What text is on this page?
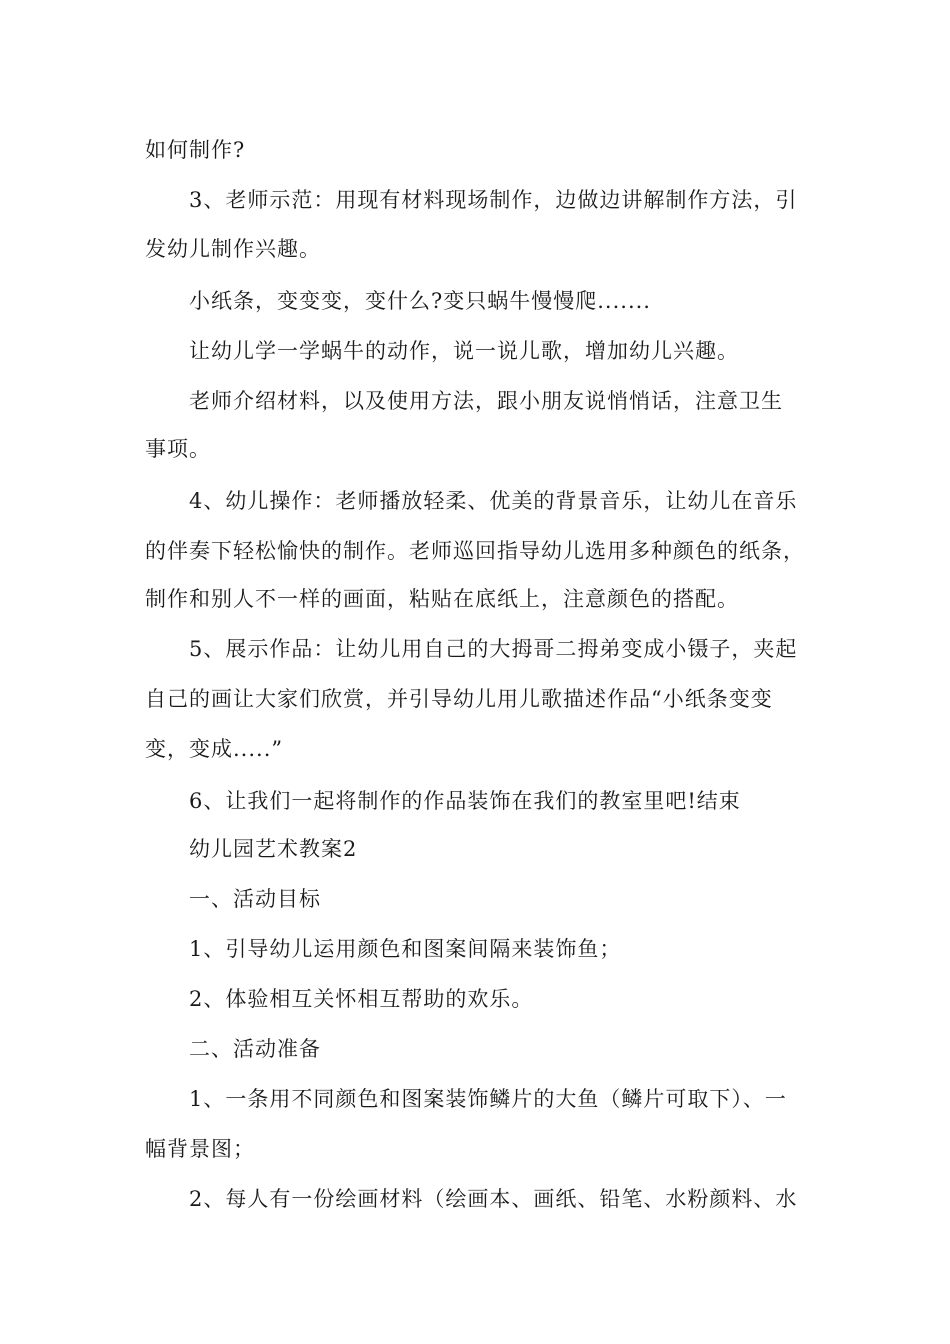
如何制作?
3、老师示范：用现有材料现场制作，边做边讲解制作方法，引
发幼儿制作兴趣。
小纸条，变变变，变什么?变只蜗牛慢慢爬.......
让幼儿学一学蜗牛的动作，说一说儿歌，增加幼儿兴趣。
老师介绍材料，以及使用方法，跟小朋友说悄悄话，注意卫生
事项。
4、幼儿操作：老师播放轻柔、优美的背景音乐，让幼儿在音乐
的伴奏下轻松愉快的制作。老师巡回指导幼儿选用多种颜色的纸条，
制作和别人不一样的画面，粘贴在底纸上，注意颜色的搭配。
5、展示作品：让幼儿用自己的大拇哥二拇弟变成小镊子，夹起
自己的画让大家们欣赏，并引导幼儿用儿歌描述作品“小纸条变变
变，变成.....”
6、让我们一起将制作的作品装饰在我们的教室里吧!结束
幼儿园艺术教案2
一、活动目标
1、引导幼儿运用颜色和图案间隔来装饰鱼；
2、体验相互关怀相互帮助的欢乐。
二、活动准备
1、一条用不同颜色和图案装饰鳞片的大鱼（鳞片可取下）、一
幅背景图；
2、每人有一份绘画材料（绘画本、画纸、铅笔、水粉颜料、水
